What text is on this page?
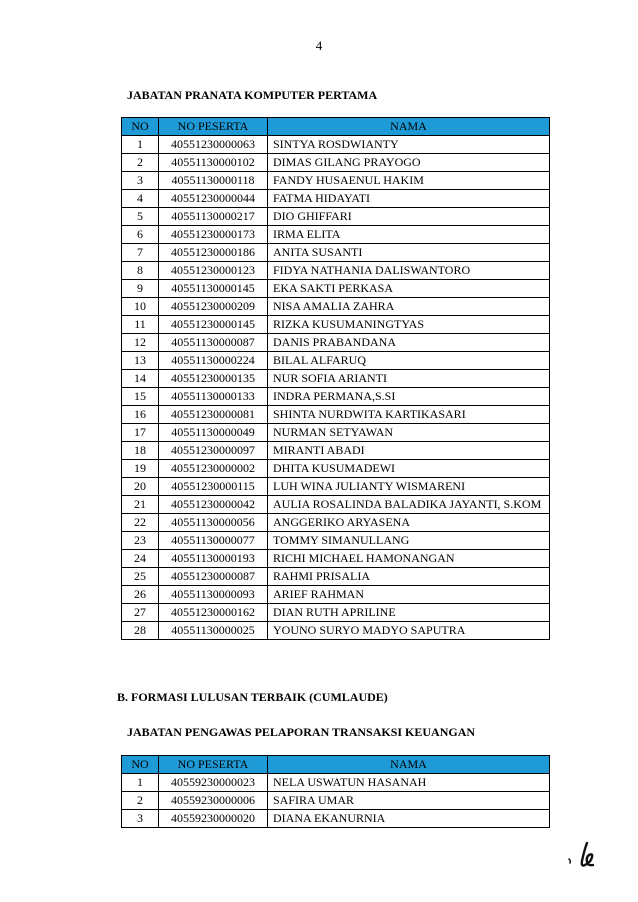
4
JABATAN PRANATA KOMPUTER PERTAMA
NO	NO PESERTA	NAMA
1	40551230000063	SINTYA ROSDWIANTY
2	40551130000102	DIMAS GILANG PRAYOGO
3	40551130000118	FANDY HUSAENUL HAKIM
4	40551230000044	FATMA HIDAYATI
5	40551130000217	DIO GHIFFARI
6	40551230000173	IRMA ELITA
7	40551230000186	ANITA SUSANTI
8	40551230000123	FIDYA NATHANIA DALISWANTORO
9	40551130000145	EKA SAKTI PERKASA
10	40551230000209	NISA AMALIA ZAHRA
11	40551230000145	RIZKA KUSUMANINGTYAS
12	40551130000087	DANIS PRABANDANA
13	40551130000224	BILAL ALFARUQ
14	40551230000135	NUR SOFIA ARIANTI
15	40551130000133	INDRA PERMANA,S.SI
16	40551230000081	SHINTA NURDWITA KARTIKASARI
17	40551130000049	NURMAN SETYAWAN
18	40551230000097	MIRANTI ABADI
19	40551230000002	DHITA KUSUMADEWI
20	40551230000115	LUH WINA JULIANTY WISMARENI
21	40551230000042	AULIA ROSALINDA BALADIKA JAYANTI, S.KOM
22	40551130000056	ANGGERIKO ARYASENA
23	40551130000077	TOMMY SIMANULLANG
24	40551130000193	RICHI MICHAEL HAMONANGAN
25	40551230000087	RAHMI PRISALIA
26	40551130000093	ARIEF RAHMAN
27	40551230000162	DIAN RUTH APRILINE
28	40551130000025	YOUNO SURYO MADYO SAPUTRA
B. FORMASI LULUSAN TERBAIK (CUMLAUDE)
JABATAN PENGAWAS PELAPORAN TRANSAKSI KEUANGAN
NO	NO PESERTA	NAMA
1	40559230000023	NELA USWATUN HASANAH
2	40559230000006	SAFIRA UMAR
3	40559230000020	DIANA EKANURNIA
